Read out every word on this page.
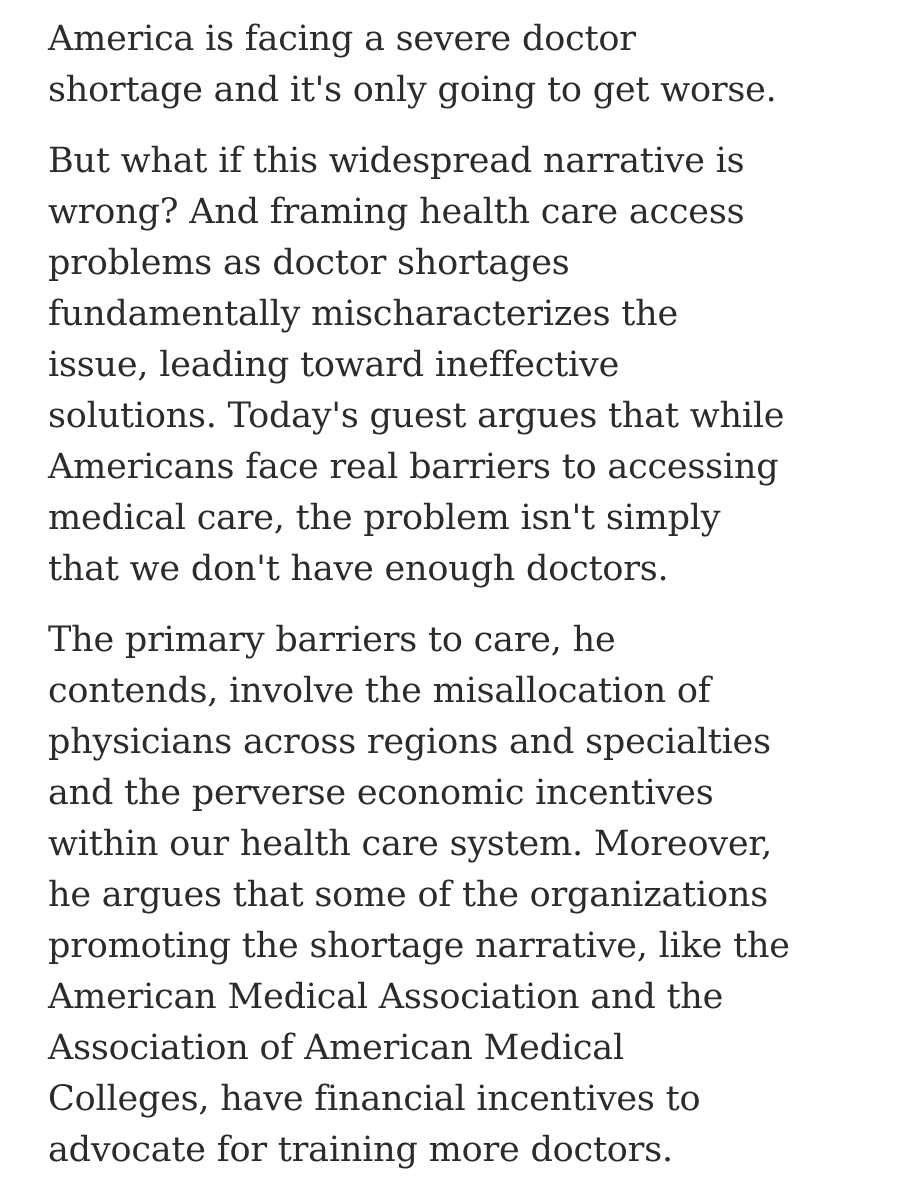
America is facing a severe doctor
shortage and it's only going to get worse.

But what if this widespread narrative is
wrong? And framing health care access
problems as doctor shortages
fundamentally mischaracterizes the
issue, leading toward ineffective
solutions. Today's guest argues that while
Americans face real barriers to accessing
medical care, the problem isn't simply
that we don't have enough doctors.

The primary barriers to care, he
contends, involve the misallocation of
physicians across regions and specialties
and the perverse economic incentives
within our health care system. Moreover,
he argues that some of the organizations
promoting the shortage narrative, like the
American Medical Association and the
Association of American Medical
Colleges, have financial incentives to
advocate for training more doctors.
